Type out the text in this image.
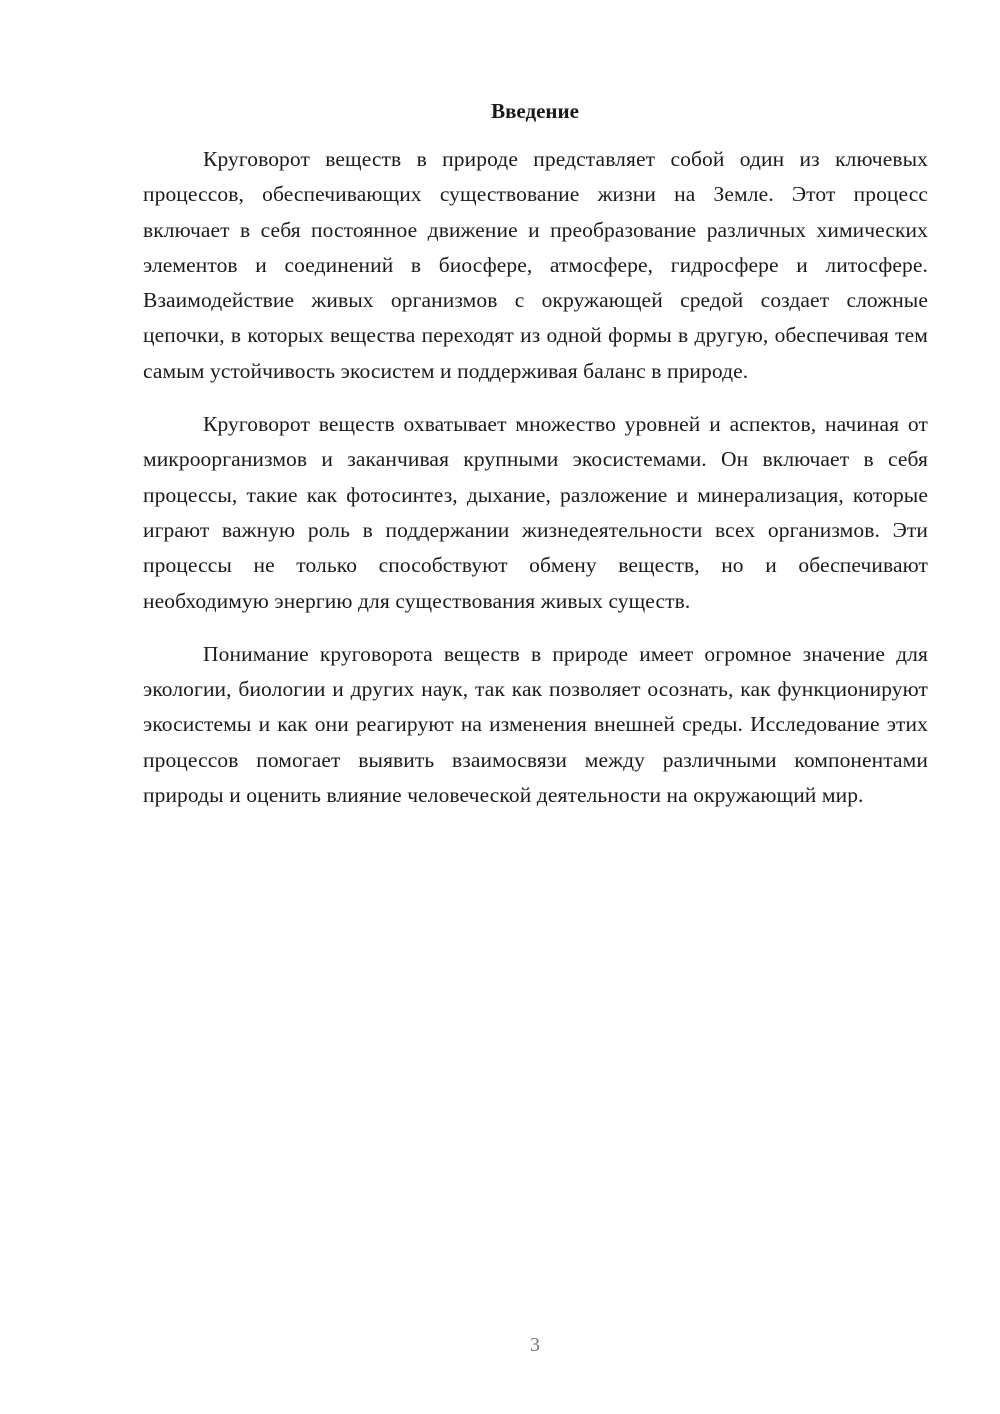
Введение

Круговорот веществ в природе представляет собой один из ключевых процессов, обеспечивающих существование жизни на Земле. Этот процесс включает в себя постоянное движение и преобразование различных химических элементов и соединений в биосфере, атмосфере, гидросфере и литосфере. Взаимодействие живых организмов с окружающей средой создает сложные цепочки, в которых вещества переходят из одной формы в другую, обеспечивая тем самым устойчивость экосистем и поддерживая баланс в природе.

Круговорот веществ охватывает множество уровней и аспектов, начиная от микроорганизмов и заканчивая крупными экосистемами. Он включает в себя процессы, такие как фотосинтез, дыхание, разложение и минерализация, которые играют важную роль в поддержании жизнедеятельности всех организмов. Эти процессы не только способствуют обмену веществ, но и обеспечивают необходимую энергию для существования живых существ.

Понимание круговорота веществ в природе имеет огромное значение для экологии, биологии и других наук, так как позволяет осознать, как функционируют экосистемы и как они реагируют на изменения внешней среды. Исследование этих процессов помогает выявить взаимосвязи между различными компонентами природы и оценить влияние человеческой деятельности на окружающий мир.

3
